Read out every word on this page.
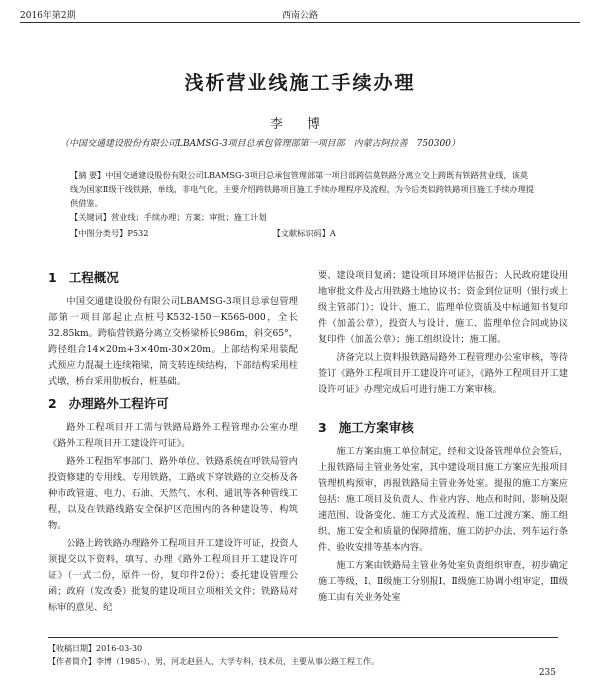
2016年第2期	西南公路
浅析营业线施工手续办理
李 博
（中国交通建设股份有限公司LBAMSG-3项目总承包管理部第一项目部　内蒙古阿拉善　750300）
【摘 要】中国交通建设股份有限公司LBAMSG-3项目总承包管理部第一项目部跨信莫铁路分离立交上跨既有铁路营业线，该莫线为国家Ⅱ级干线铁路，单线，非电气化，主要介绍跨铁路项目施工手续办理程序及流程，为今后类似跨铁路项目施工手续办理提供借鉴。
【关键词】营业线；手续办理；方案；审批；施工计划
【中图分类号】P532	【文献标识码】A
1 工程概况

中国交通建设股份有限公司LBAMSG-3项目总承包管理部第一项目部起止点桩号K532-150－K565-000，全长32.85km。跨临营铁路分离立交桥梁桥长986m，斜交65°，跨径组合14×20m+3×40m-30×20m。上部结构采用装配式预应力混凝土连续箱梁，简支转连续结构，下部结构采用柱式墩，桥台采用肋板台，桩基础。

2 办理路外工程许可

路外工程项目开工需与铁路局路外工程管理办公室办理《路外工程项目开工建设许可证》。

路外工程指军事部门、路外单位、铁路系统在呼铁局管内投资修建的专用线、专用铁路，工路或下穿铁路的立交桥及各种市政管道、电力、石油、天然气、水利、通讯等各种管线工程，以及在铁路线路安全保护区范围内的各种建设等、构筑物。

公路上跨铁路办理路外工程项目开工建设许可证，投资人须提交以下资料，填写、办理《路外工程项目开工建设许可证》（一式二份，原件一份，复印件2份）；委托建设管理公函；政府（发改委）批复的建设项目立项相关文件；铁路局对标审的意见、纪

要、建设项目复函；建设项目环境评估报告；人民政府建设用地审批文件及占用铁路土地协议书；资金到位证明（银行或上级主管部门）；设计、施工、监理单位资质及中标通知书复印件（加盖公章），投资人与设计、施工、监理单位合同或协议复印件（加盖公章）；施工组织设计；施工图。

济备完以上资料报铁路局路外工程管理办公室审核，等待签订《路外工程项目开工建设许可证》，《路外工程项目开工建设许可证》办理完成后可进行施工方案审核。

3 施工方案审核

施工方案由施工单位制定，经和文设备管理单位会签后，上报铁路局主管业务处室，其中建设项目施工方案应先报项目管理机构预审，再报铁路局主管业务处室。提报的施工方案应包括：施工项目及负责人、作业内容、地点和时间、影响及限速范围、设备变化、施工方式及流程、施工过渡方案、施工组织、施工安全和质量的保障措施、施工防护办法、列车运行条件、验收安排等基本内容。

施工方案由铁路局主管业务处室负责组织审查，初步确定施工等级，Ⅰ、Ⅱ级施工分别报Ⅰ、Ⅱ级施工协调小组审定，Ⅲ级施工由有关业务处室

【收稿日期】2016-03-30
【作者简介】李博（1985-），男，河北赵县人，大学专科，技术员，主要从事公路工程工作。
235
